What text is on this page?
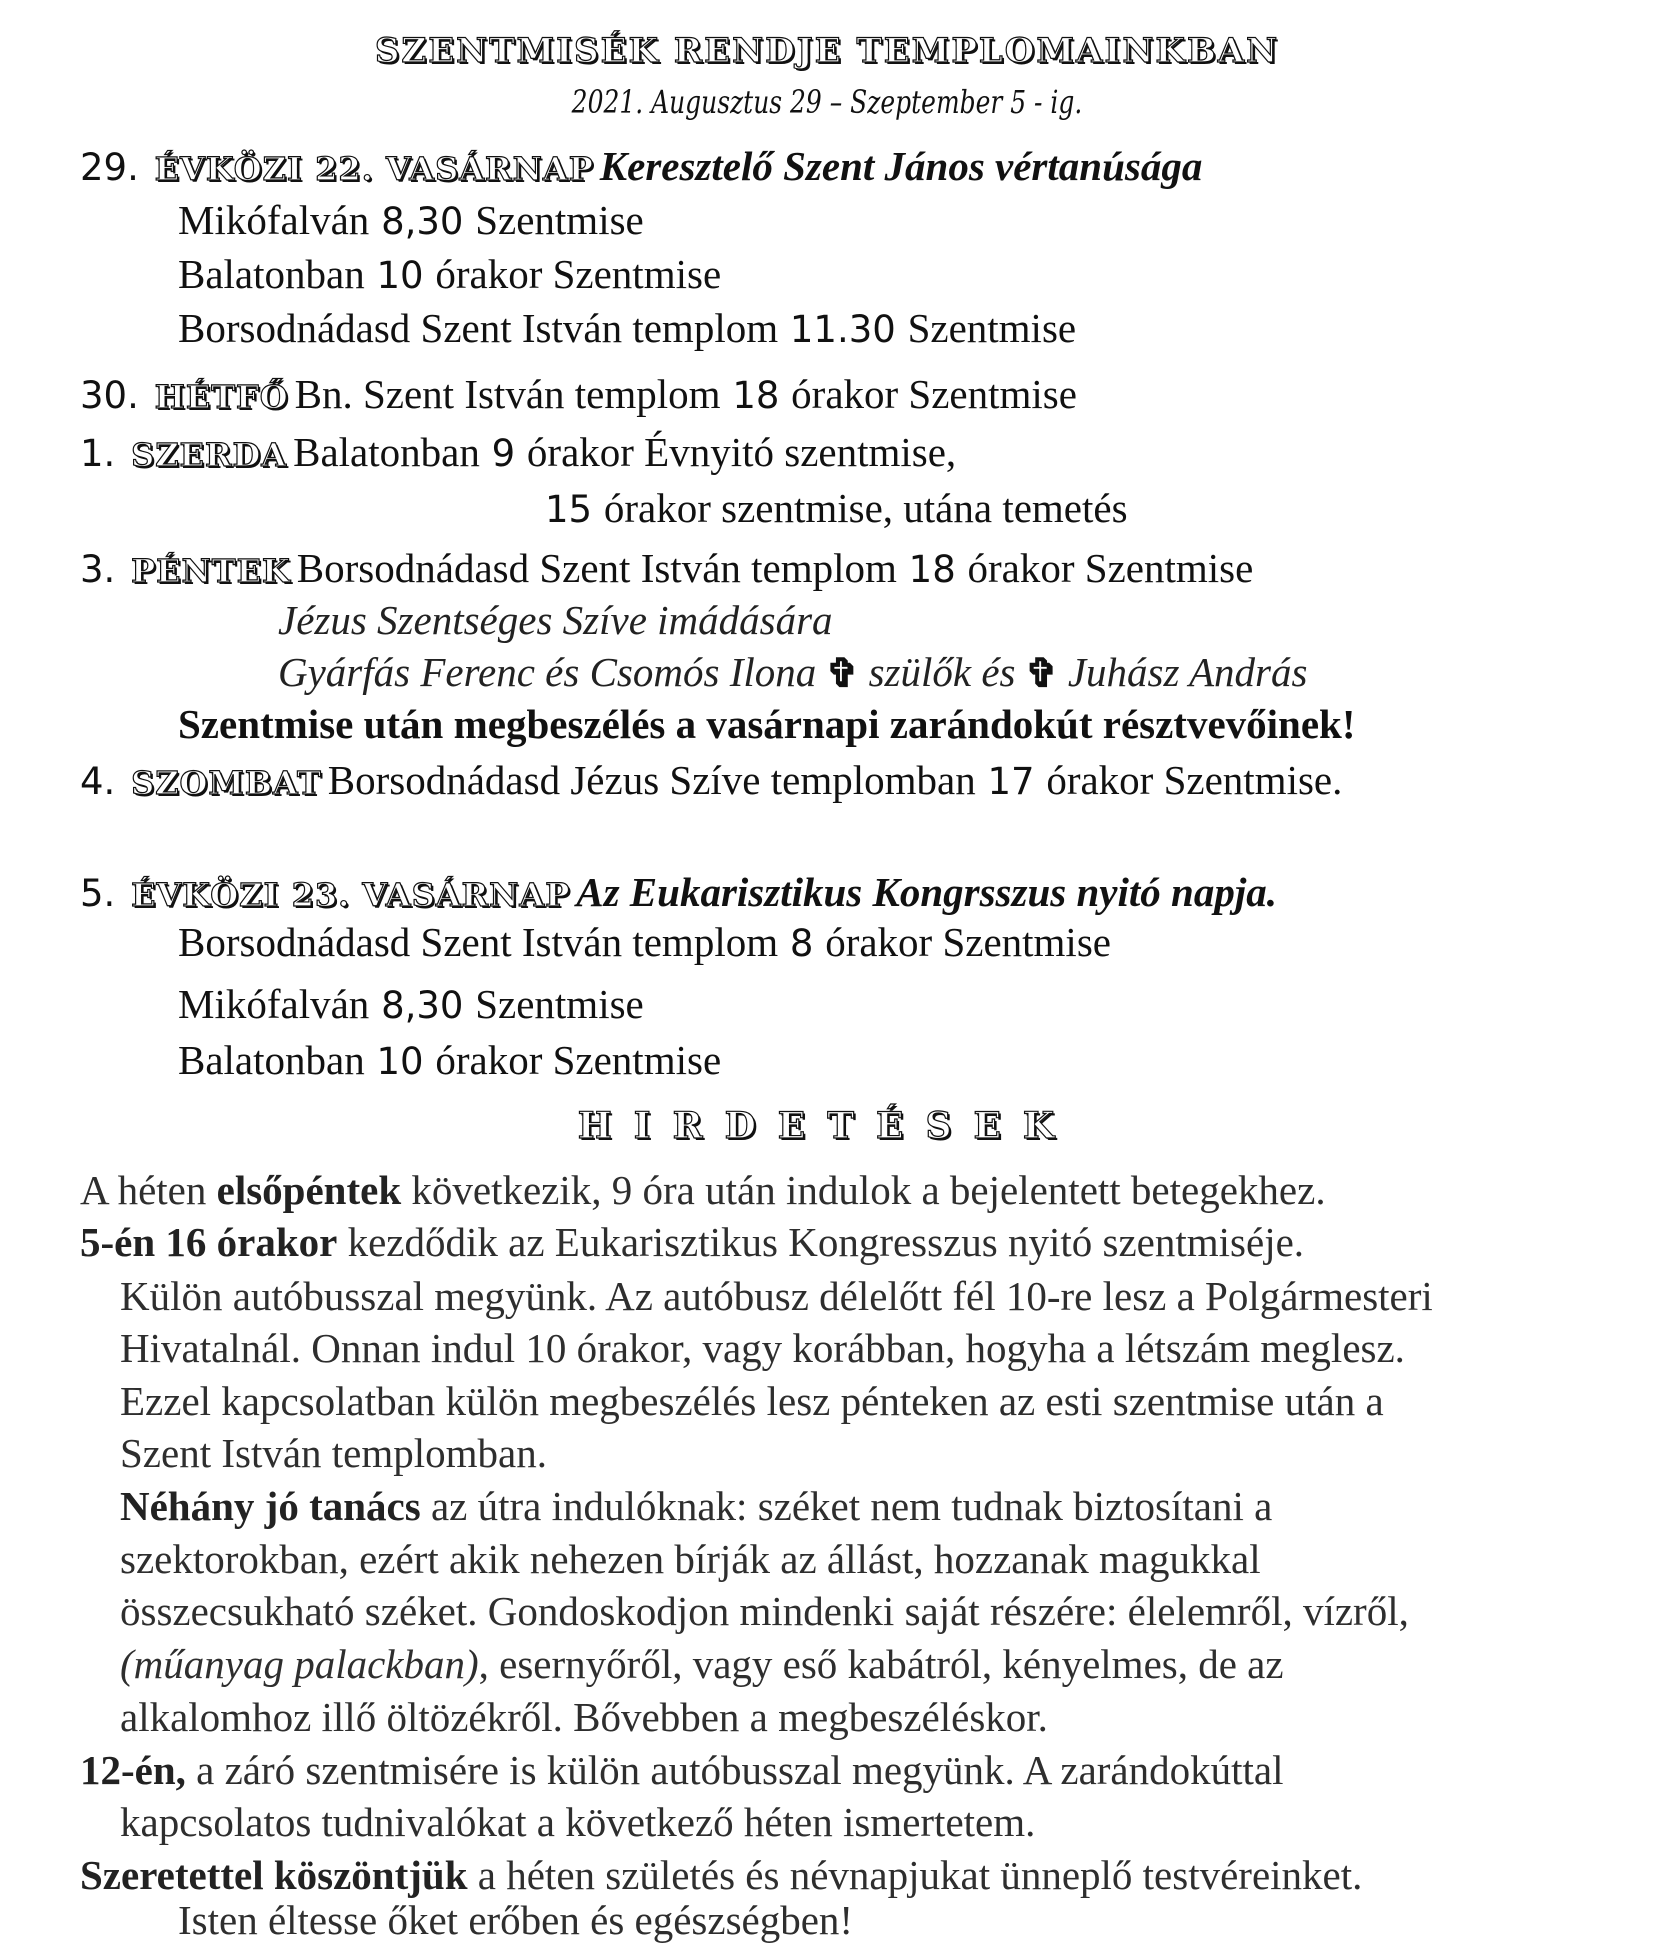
SZENTMISÉK RENDJE TEMPLOMAINKBAN
2021. Augusztus 29 – Szeptember 5 - ig.
29. ÉVKÖZI 22. VASÁRNAP Keresztelő Szent János vértanúsága
Mikófalván 8,30 Szentmise
Balatonban 10 órakor Szentmise
Borsodnádasd Szent István templom 11.30 Szentmise
30. HÉTFŐ Bn. Szent István templom 18 órakor Szentmise
1. SZERDA Balatonban 9 órakor Évnyitó szentmise,
15 órakor szentmise, utána temetés
3. PÉNTEK Borsodnádasd Szent István templom 18 órakor Szentmise
Jézus Szentséges Szíve imádására
Gyárfás Ferenc és Csomós Ilona ✞ szülők és ✞ Juhász András
Szentmise után megbeszélés a vasárnapi zarándokút résztvevőinek!
4. SZOMBAT Borsodnádasd Jézus Szíve templomban 17 órakor Szentmise.
5. ÉVKÖZI 23. VASÁRNAP Az Eukarisztikus Kongrsszus nyitó napja.
Borsodnádasd Szent István templom 8 órakor Szentmise
Mikófalván 8,30 Szentmise
Balatonban 10 órakor Szentmise
HIRDETÉSEK
A héten elsőpéntek következik, 9 óra után indulok a bejelentett betegekhez.
5-én 16 órakor kezdődik az Eukarisztikus Kongresszus nyitó szentmiséje.
Külön autóbusszal megyünk. Az autóbusz délelőtt fél 10-re lesz a Polgármesteri
Hivatalnál. Onnan indul 10 órakor, vagy korábban, hogyha a létszám meglesz.
Ezzel kapcsolatban külön megbeszélés lesz pénteken az esti szentmise után a
Szent István templomban.
Néhány jó tanács az útra indulóknak: széket nem tudnak biztosítani a
szektorokban, ezért akik nehezen bírják az állást, hozzanak magukkal
összecsukható széket. Gondoskodjon mindenki saját részére: élelemről, vízről,
(műanyag palackban), esernyőről, vagy eső kabátról, kényelmes, de az
alkalomhoz illő öltözékről. Bővebben a megbeszéléskor.
12-én, a záró szentmisére is külön autóbusszal megyünk. A zarándokúttal
kapcsolatos tudnivalókat a következő héten ismertetem.
Szeretettel köszöntjük a héten születés és névnapjukat ünneplő testvéreinket.
Isten éltesse őket erőben és egészségben!
